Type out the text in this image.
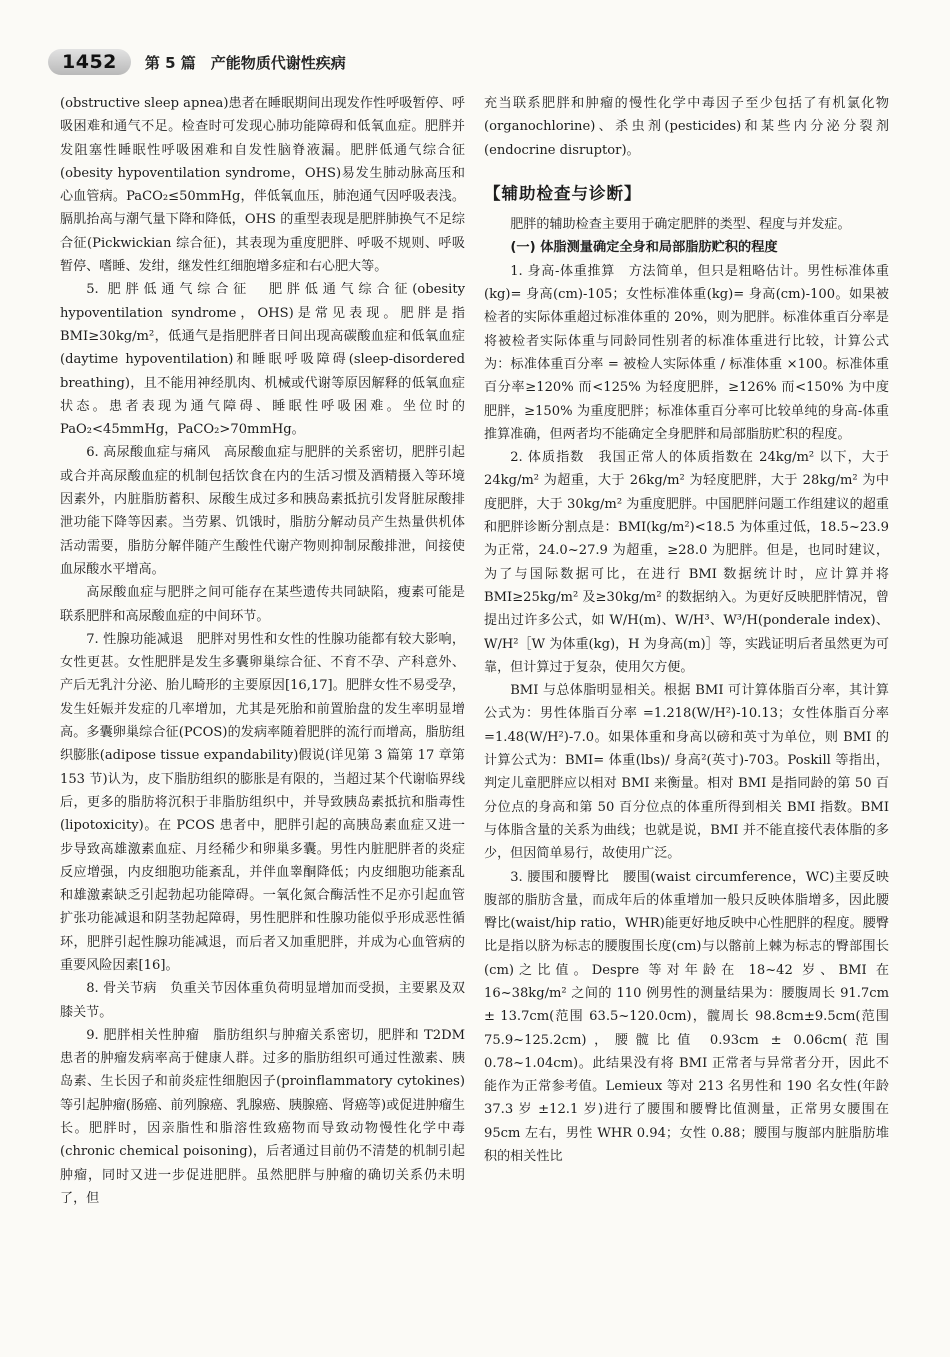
1452	第 5 篇　产能物质代谢性疾病

(obstructive sleep apnea)患者在睡眠期间出现发作性呼吸暂停、呼吸困难和通气不足。检查时可发现心肺功能障碍和低氧血症。肥胖并发阻塞性睡眠性呼吸困难和自发性脑脊液漏。肥胖低通气综合征(obesity hypoventilation syndrome，OHS)易发生肺动脉高压和心血管病。PaCO₂≤50mmHg，伴低氧血压，肺泡通气因呼吸表浅。膈肌抬高与潮气量下降和降低，OHS 的重型表现是肥胖肺换气不足综合征(Pickwickian 综合征)，其表现为重度肥胖、呼吸不规则、呼吸暂停、嗜睡、发绀，继发性红细胞增多症和右心肥大等。

5. 肥胖低通气综合征　肥胖低通气综合征(obesity hypoventilation syndrome，OHS)是常见表现。肥胖是指 BMI≥30kg/m²，低通气是指肥胖者日间出现高碳酸血症和低氧血症(daytime hypoventilation)和睡眠呼吸障碍(sleep-disordered breathing)，且不能用神经肌肉、机械或代谢等原因解释的低氧血症状态。患者表现为通气障碍、睡眠性呼吸困难。坐位时的 PaO₂<45mmHg，PaCO₂>70mmHg。

6. 高尿酸血症与痛风　高尿酸血症与肥胖的关系密切，肥胖引起或合并高尿酸血症的机制包括饮食在内的生活习惯及酒精摄入等环境因素外，内脏脂肪蓄积、尿酸生成过多和胰岛素抵抗引发肾脏尿酸排泄功能下降等因素。当劳累、饥饿时，脂肪分解动员产生热量供机体活动需要，脂肪分解伴随产生酸性代谢产物则抑制尿酸排泄，间接使血尿酸水平增高。

高尿酸血症与肥胖之间可能存在某些遗传共同缺陷，瘦素可能是联系肥胖和高尿酸血症的中间环节。

7. 性腺功能减退　肥胖对男性和女性的性腺功能都有较大影响，女性更甚。女性肥胖是发生多囊卵巢综合征、不育不孕、产科意外、产后无乳汁分泌、胎儿畸形的主要原因[16,17]。肥胖女性不易受孕，发生妊娠并发症的几率增加，尤其是死胎和前置胎盘的发生率明显增高。多囊卵巢综合征(PCOS)的发病率随着肥胖的流行而增高，脂肪组织膨胀(adipose tissue expandability)假说(详见第 3 篇第 17 章第 153 节)认为，皮下脂肪组织的膨胀是有限的，当超过某个代谢临界线后，更多的脂肪将沉积于非脂肪组织中，并导致胰岛素抵抗和脂毒性(lipotoxicity)。在 PCOS 患者中，肥胖引起的高胰岛素血症又进一步导致高雄激素血症、月经稀少和卵巢多囊。男性内脏肥胖者的炎症反应增强，内皮细胞功能紊乱，并伴血睾酮降低；内皮细胞功能紊乱和雄激素缺乏引起勃起功能障碍。一氧化氮合酶活性不足亦引起血管扩张功能减退和阴茎勃起障碍，男性肥胖和性腺功能似乎形成恶性循环，肥胖引起性腺功能减退，而后者又加重肥胖，并成为心血管病的重要风险因素[16]。

8. 骨关节病　负重关节因体重负荷明显增加而受损，主要累及双膝关节。

9. 肥胖相关性肿瘤　脂肪组织与肿瘤关系密切，肥胖和 T2DM 患者的肿瘤发病率高于健康人群。过多的脂肪组织可通过性激素、胰岛素、生长因子和前炎症性细胞因子(proinflammatory cytokines)等引起肿瘤(肠癌、前列腺癌、乳腺癌、胰腺癌、肾癌等)或促进肿瘤生长。肥胖时，因亲脂性和脂溶性致癌物而导致动物慢性化学中毒(chronic chemical poisoning)，后者通过目前仍不清楚的机制引起肿瘤，同时又进一步促进肥胖。虽然肥胖与肿瘤的确切关系仍未明了，但

充当联系肥胖和肿瘤的慢性化学中毒因子至少包括了有机氯化物(organochlorine)、杀虫剂(pesticides)和某些内分泌分裂剂(endocrine disruptor)。

【辅助检查与诊断】

肥胖的辅助检查主要用于确定肥胖的类型、程度与并发症。

(一) 体脂测量确定全身和局部脂肪贮积的程度

1. 身高-体重推算　方法简单，但只是粗略估计。男性标准体重(kg)= 身高(cm)-105；女性标准体重(kg)= 身高(cm)-100。如果被检者的实际体重超过标准体重的 20%，则为肥胖。标准体重百分率是将被检者实际体重与同龄同性别者的标准体重进行比较，计算公式为：标准体重百分率 = 被检人实际体重 / 标准体重 ×100。标准体重百分率≥120% 而<125% 为轻度肥胖，≥126% 而<150% 为中度肥胖，≥150% 为重度肥胖；标准体重百分率可比较单纯的身高-体重推算准确，但两者均不能确定全身肥胖和局部脂肪贮积的程度。

2. 体质指数　我国正常人的体质指数在 24kg/m² 以下，大于 24kg/m² 为超重，大于 26kg/m² 为轻度肥胖，大于 28kg/m² 为中度肥胖，大于 30kg/m² 为重度肥胖。中国肥胖问题工作组建议的超重和肥胖诊断分割点是：BMI(kg/m²)<18.5 为体重过低，18.5~23.9 为正常，24.0~27.9 为超重，≥28.0 为肥胖。但是，也同时建议，为了与国际数据可比，在进行 BMI 数据统计时，应计算并将 BMI≥25kg/m² 及≥30kg/m² 的数据纳入。为更好反映肥胖情况，曾提出过许多公式，如 W/H(m)、W/H³、W³/H(ponderale index)、W/H²［W 为体重(kg)，H 为身高(m)］等，实践证明后者虽然更为可靠，但计算过于复杂，使用欠方便。

BMI 与总体脂明显相关。根据 BMI 可计算体脂百分率，其计算公式为：男性体脂百分率 =1.218(W/H²)-10.13；女性体脂百分率 =1.48(W/H²)-7.0。如果体重和身高以磅和英寸为单位，则 BMI 的计算公式为：BMI= 体重(lbs)/ 身高²(英寸)-703。Poskill 等指出，判定儿童肥胖应以相对 BMI 来衡量。相对 BMI 是指同龄的第 50 百分位点的身高和第 50 百分位点的体重所得到相关 BMI 指数。BMI 与体脂含量的关系为曲线；也就是说，BMI 并不能直接代表体脂的多少，但因简单易行，故使用广泛。

3. 腰围和腰臀比　腰围(waist circumference，WC)主要反映腹部的脂肪含量，而成年后的体重增加一般只反映体脂增多，因此腰臀比(waist/hip ratio，WHR)能更好地反映中心性肥胖的程度。腰臀比是指以脐为标志的腰腹围长度(cm)与以髂前上棘为标志的臀部围长(cm)之比值。Despre 等对年龄在 18~42 岁、BMI 在 16~38kg/m² 之间的 110 例男性的测量结果为：腰腹周长 91.7cm ± 13.7cm(范围 63.5~120.0cm)，髋周长 98.8cm±9.5cm(范围 75.9~125.2cm)，腰髋比值 0.93cm ± 0.06cm(范围 0.78~1.04cm)。此结果没有将 BMI 正常者与异常者分开，因此不能作为正常参考值。Lemieux 等对 213 名男性和 190 名女性(年龄 37.3 岁 ±12.1 岁)进行了腰围和腰臀比值测量，正常男女腰围在 95cm 左右，男性 WHR 0.94；女性 0.88；腰围与腹部内脏脂肪堆积的相关性比
